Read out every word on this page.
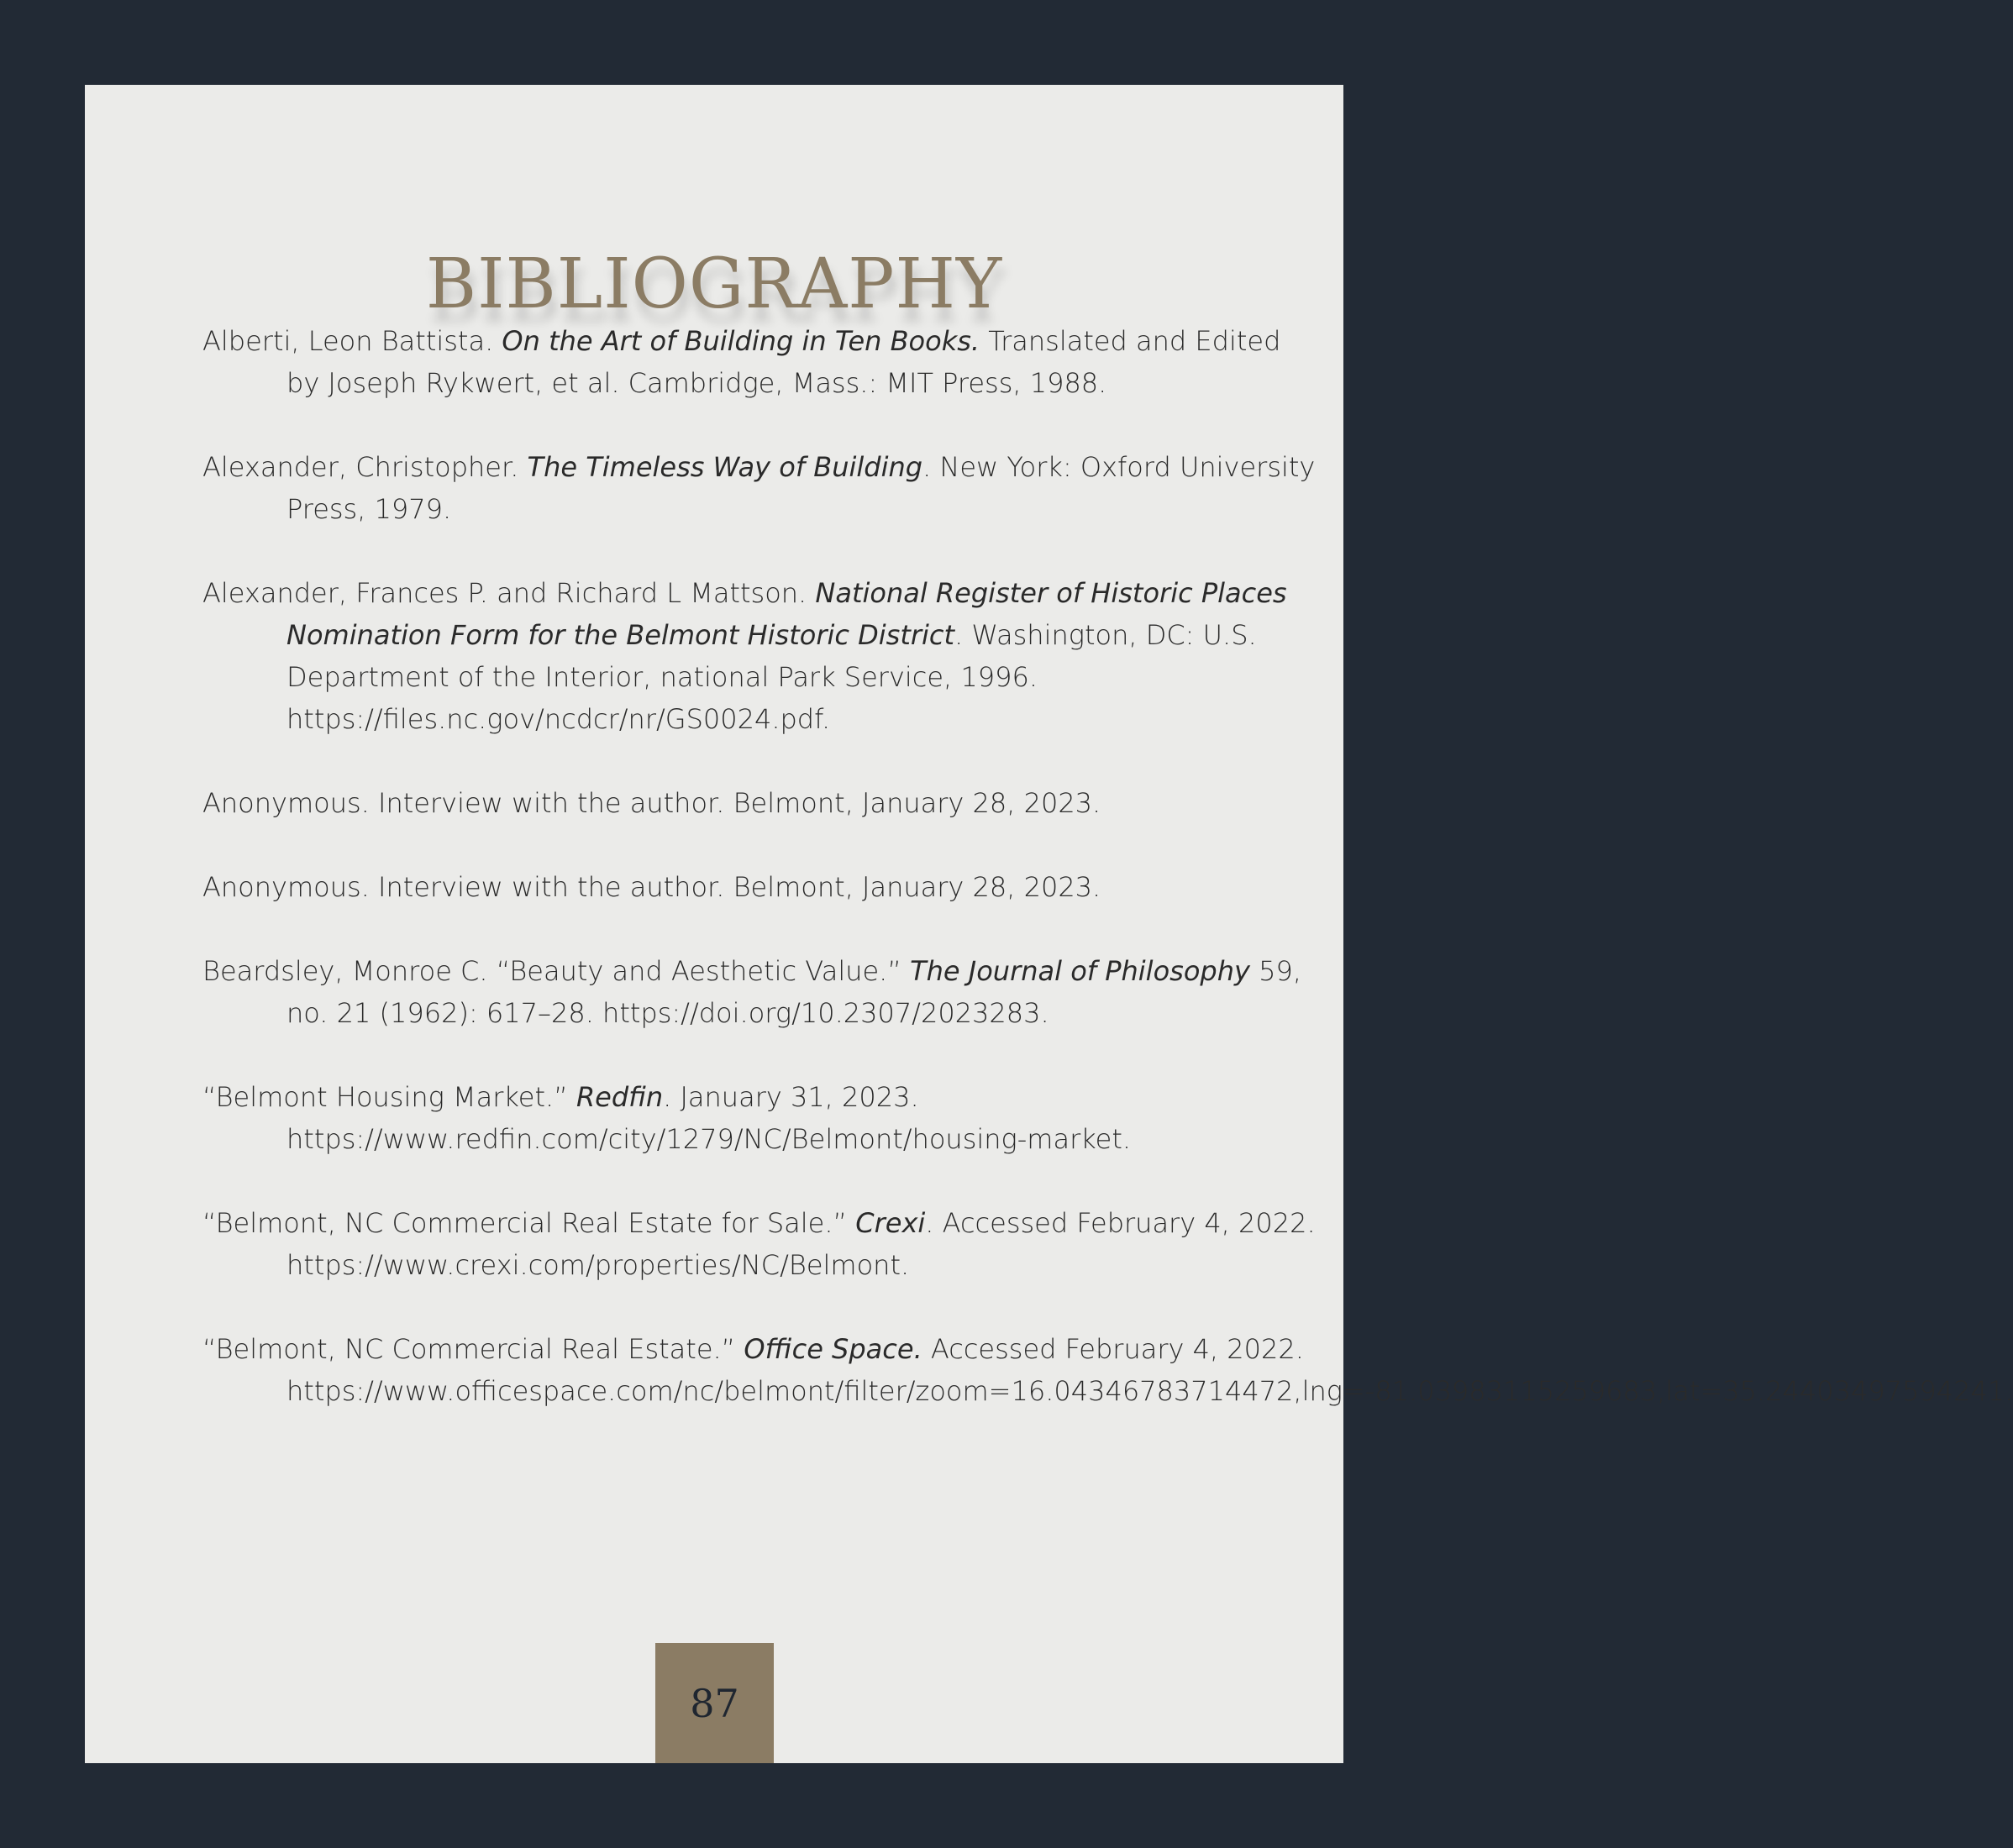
BIBLIOGRAPHY
Alberti, Leon Battista. On the Art of Building in Ten Books. Translated and Edited by Joseph Rykwert, et al. Cambridge, Mass.: MIT Press, 1988.
Alexander, Christopher. The Timeless Way of Building. New York: Oxford University Press, 1979.
Alexander, Frances P. and Richard L Mattson. National Register of Historic Places Nomination Form for the Belmont Historic District. Washington, DC: U.S. Department of the Interior, national Park Service, 1996. https://files.nc.gov/ncdcr/nr/GS0024.pdf.
Anonymous. Interview with the author. Belmont, January 28, 2023.
Anonymous. Interview with the author. Belmont, January 28, 2023.
Beardsley, Monroe C. “Beauty and Aesthetic Value.” The Journal of Philosophy 59, no. 21 (1962): 617–28. https://doi.org/10.2307/2023283.
“Belmont Housing Market.” Redfin. January 31, 2023. https://www.redfin.com/city/1279/NC/Belmont/housing-market.
“Belmont, NC Commercial Real Estate for Sale.” Crexi. Accessed February 4, 2022. https://www.crexi.com/properties/NC/Belmont.
“Belmont, NC Commercial Real Estate.” Office Space. Accessed February 4, 2022. https://www.officespace.com/nc/belmont/filter/zoom=16.04346783714472,lng=-81.03983115259683,lat=35.24403497594241.
87
